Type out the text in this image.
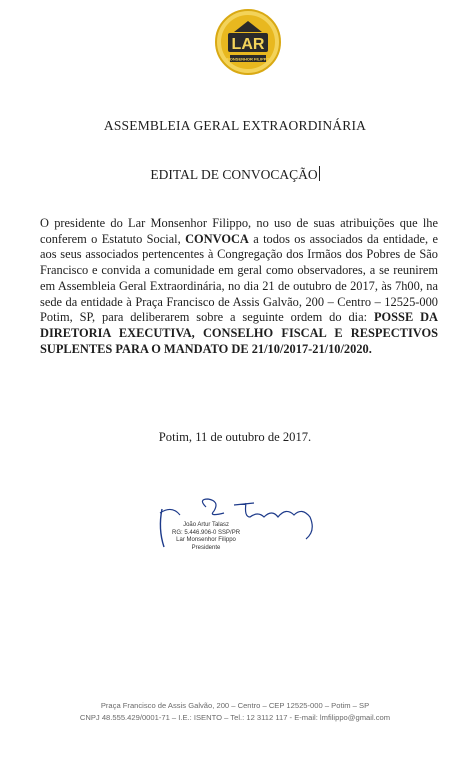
LAR
MONSENHOR FILIPPO
ASSEMBLEIA GERAL EXTRAORDINÁRIA
EDITAL DE CONVOCAÇÃO
O presidente do Lar Monsenhor Filippo, no uso de suas atribuições que lhe conferem o Estatuto Social, CONVOCA a todos os associados da entidade, e aos seus associados pertencentes à Congregação dos Irmãos dos Pobres de São Francisco e convida a comunidade em geral como observadores, a se reunirem em Assembleia Geral Extraordinária, no dia 21 de outubro de 2017, às 7h00, na sede da entidade à Praça Francisco de Assis Galvão, 200 – Centro – 12525-000 Potim, SP, para deliberarem sobre a seguinte ordem do dia: POSSE DA DIRETORIA EXECUTIVA, CONSELHO FISCAL E RESPECTIVOS SUPLENTES PARA O MANDATO DE 21/10/2017-21/10/2020.
Potim, 11 de outubro de 2017.
João Artur Talasz
RG: 5.446.906-0 SSP/PR
Lar Monsenhor Filippo
Presidente
Praça Francisco de Assis Galvão, 200 – Centro – CEP 12525-000 – Potim – SP
CNPJ 48.555.429/0001-71 – I.E.: ISENTO – Tel.: 12 3112 117 - E-mail: lmfilippo@gmail.com
